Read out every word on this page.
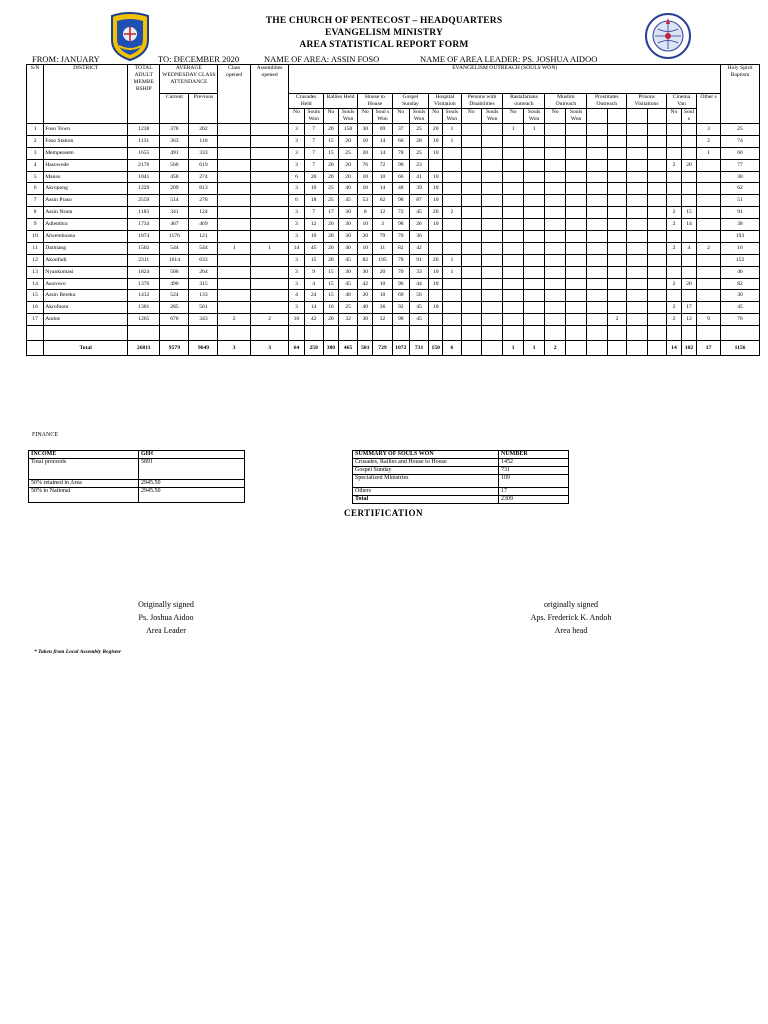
THE CHURCH OF PENTECOST – HEADQUARTERS
EVANGELISM MINISTRY
AREA STATISTICAL REPORT FORM
FROM: JANUARY	TO: DECEMBER 2020	NAME OF AREA: ASSIN FOSO	NAME OF AREA LEADER: PS. JOSHUA AIDOO
S/N	DISTRICT	TOTAL ADULT MEMBE RSHIP	AVERAGE WEDNESDAY CLASS ATTENDANCE		Class opened	Assemblies opened	EVANGELISM OUTREACH (SOULS WON)																							Holy Spirit Baptism
			Current	Previous			Crusades Held		Rallies Held		House to House		Gospel Sunday		Hospital Visitation		Persons with Disabilities		Rastafarians outreach		Muslim Outreach		Prostitutes Outreach		Prisons Visitations		Cinema Van		Other s	
							No	Souls Won	No	Souls Won	No	Soul s Won	No	Souls Won	No	Souls Won	No	Souls Won	No	Souls Won	No	Souls Won								No	Soul s		
1	Foso Town	1238	370	202			3	7	20	150	30	69	37	25	20	1			1	1												3	25
2	Foso Station	1131	363	110			3	7	15	20	10	14	60	28	10	1																2	74
3	Mempeasem	1655	491	333			3	7	15	25	20	14	78	25	10																	1	60
4	Hasowode	2176	566	619			3	7	20	20	76	72	90	23																2	20		77
5	Manso	1041	450	274			6	20	20	20	10	10	66	41	10																		38
6	Akropong	1229	209	813			3	10	25	40	10	14	48	39	10																		62
7	Assin Praso	2559	514	278			6	18	25	45	53	62	98	87	10																		51
8	Assin Nsuta	1183	341	124			3	7	17	30	8	12	72	45	20	2														2	15		91
9	Adiembra	1734	467	469			3	12	20	30	10	3	98	26	10															2	14		38
10	Atwereboana	1874	1176	121			3	10	20	30	20	79	70	36																			193
11	Darmang	1502	544	544	1	1	14	45	20	40	10	11	82	42																2	4	2	16
12	Akonfudi	2311	1614	633			3	15	20	45	82	195	78	91	20	1																	152
13	Nyankomasi	1824	506	264			3	9	15	30	30	20	70	33	10	1																	46
14	Asorowo	1376	490	315			3	4	15	45	42	10	96	44	10															2	20		82
15	Assin Bereku	1412	524	133			4	24	15	48	20	10	69	56																			30
16	Akrofuom	1301	285	561			3	14	16	25	40	36	92	45	10															2	17		45
17	Andoe	1265	670	343	2	2	10	42	20	32	30	32	98	45										2						2	12	9	76

	Total	26811	9579	9649	3	3	64	258	380	465	501	729	1072	731	150	6			1	1	2									14	102	17	1156
FINANCE
INCOME	GH¢
Total proceeds	5891
50% retained in Area	2945.50
50% to National	2945.50
SUMMARY OF SOULS WON	NUMBER
Crusades, Rallies and House to House	1452
Gospel Sunday	731
Specialized Ministries	109
Others	17
Total	2309
CERTIFICATION
Originally signed
Ps. Joshua Aidoo
Area Leader
originally signed
Aps. Frederick K. Andoh
Area head
* Taken from Local Assembly Register
